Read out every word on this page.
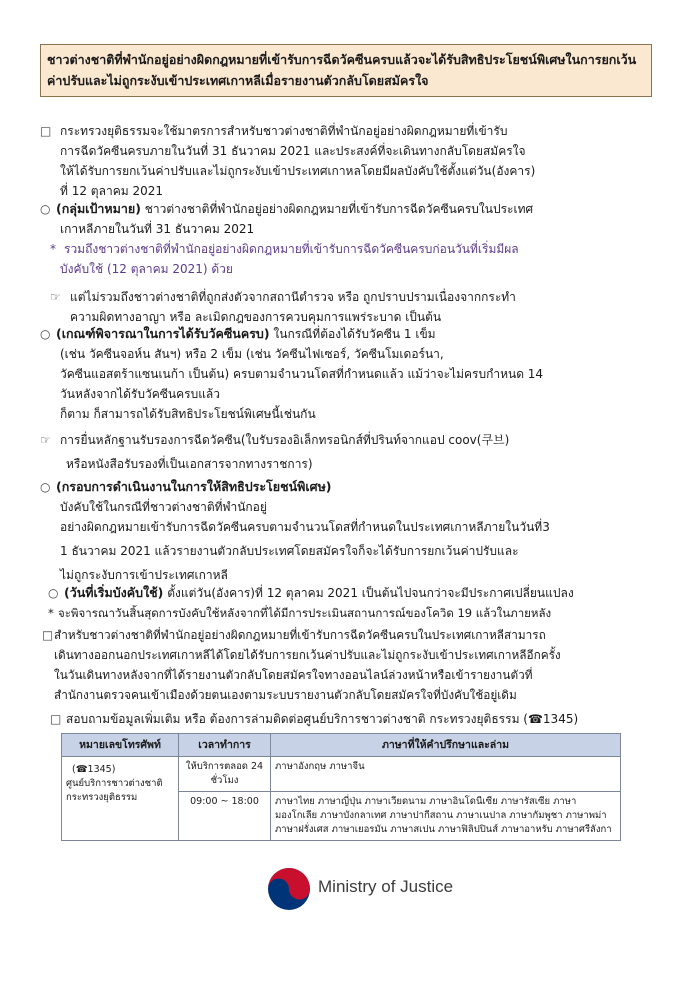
ชาวต่างชาติที่พำนักอยู่อย่างผิดกฎหมายที่เข้ารับการฉีดวัคซีนครบแล้วจะได้รับสิทธิประโยชน์พิเศษในการยกเว้นค่าปรับและไม่ถูกระงับเข้าประเทศเกาหลีเมื่อรายงานตัวกลับโดยสมัครใจ
□ กระทรวงยุติธรรมจะใช้มาตรการสำหรับชาวต่างชาติที่พำนักอยู่อย่างผิดกฎหมายที่เข้ารับ
การฉีดวัคซีนครบภายในวันที่ 31 ธันวาคม 2021 และประสงค์ที่จะเดินทางกลับโดยสมัครใจ
ให้ได้รับการยกเว้นค่าปรับและไม่ถูกระงับเข้าประเทศเกาหลโดยมีผลบังคับใช้ตั้งแต่วัน(อังคาร)
ที่ 12 ตุลาคม 2021
○ (กลุ่มเป้าหมาย) ชาวต่างชาติที่พำนักอยู่อย่างผิดกฎหมายที่เข้ารับการฉีดวัคซีนครบในประเทศ
เกาหลีภายในวันที่ 31 ธันวาคม 2021
* รวมถึงชาวต่างชาติที่พำนักอยู่อย่างผิดกฎหมายที่เข้ารับการฉีดวัคซีนครบก่อนวันที่เริ่มมีผล
บังคับใช้ (12 ตุลาคม 2021) ด้วย
☞ แต่ไม่รวมถึงชาวต่างชาติที่ถูกส่งตัวจากสถานีตำรวจ หรือ ถูกปราบปรามเนื่องจากกระทำ
ความผิดทางอาญา หรือ ละเมิดกฎของการควบคุมการแพร่ระบาด เป็นต้น
○ (เกณฑ์พิจารณาในการได้รับวัคซีนครบ) ในกรณีที่ต้องได้รับวัคซีน 1 เข็ม
(เช่น วัคซีนจอห์น สันฯ) หรือ 2 เข็ม (เช่น วัคซีนไฟเซอร์, วัคซีนโมเดอร์นา,
วัคซีนแอสตร้าแซนเนก้า เป็นต้น) ครบตามจำนวนโดสที่กำหนดแล้ว แม้ว่าจะไม่ครบกำหนด 14
วันหลังจากได้รับวัคซีนครบแล้ว
ก็ตาม ก็สามารถได้รับสิทธิประโยชน์พิเศษนี้เช่นกัน
☞ การยื่นหลักฐานรับรองการฉีดวัคซีน(ใบรับรองอิเล็กทรอนิกส์ที่ปรินท์จากแอป coov(쿠브)
หรือหนังสือรับรองที่เป็นเอกสารจากทางราชการ)
○ (กรอบการดำเนินงานในการให้สิทธิประโยชน์พิเศษ)
บังคับใช้ในกรณีที่ชาวต่างชาติที่พำนักอยู่
อย่างผิดกฎหมายเข้ารับการฉีดวัคซีนครบตามจำนวนโดสที่กำหนดในประเทศเกาหลีภายในวันที่3
1 ธันวาคม 2021 แล้วรายงานตัวกลับประเทศโดยสมัครใจก็จะได้รับการยกเว้นค่าปรับและ
ไม่ถูกระงับการเข้าประเทศเกาหลี
○ (วันที่เริ่มบังคับใช้) ตั้งแต่วัน(อังคาร)ที่ 12 ตุลาคม 2021 เป็นต้นไปจนกว่าจะมีประกาศเปลี่ยนแปลง
* จะพิจารณาวันสิ้นสุดการบังคับใช้หลังจากที่ได้มีการประเมินสถานการณ์ของโควิด 19 แล้วในภายหลัง
□สำหรับชาวต่างชาติที่พำนักอยู่อย่างผิดกฎหมายที่เข้ารับการฉีดวัคซีนครบในประเทศเกาหลีสามารถ
เดินทางออกนอกประเทศเกาหลีได้โดยได้รับการยกเว้นค่าปรับและไม่ถูกระงับเข้าประเทศเกาหลีอีกครั้ง
ในวันเดินทางหลังจากที่ได้รายงานตัวกลับโดยสมัครใจทางออนไลน์ล่วงหน้าหรือเข้ารายงานตัวที่
สำนักงานตรวจคนเข้าเมืองด้วยตนเองตามระบบรายงานตัวกลับโดยสมัครใจที่บังคับใช้อยู่เดิม
□ สอบถามข้อมูลเพิ่มเติม หรือ ต้องการล่ามติดต่อศูนย์บริการชาวต่างชาติ กระทรวงยุติธรรม (☎1345)
หมายเลขโทรศัพท์	เวลาทำการ	ภาษาที่ให้คำปรึกษาและล่าม

(☎1345)
ศูนย์บริการชาวต่างชาติ กระทรวงยุติธรรม	ให้บริการตลอด 24 ชั่วโมง	ภาษาอังกฤษ ภาษาจีน
	09:00 ~ 18:00	ภาษาไทย ภาษาญี่ปุ่น ภาษาเวียดนาม ภาษาอินโดนีเซีย ภาษารัสเซีย ภาษามองโกเลีย ภาษาบังกลาเทศ ภาษาปากีสถาน ภาษาเนปาล ภาษากัมพูชา ภาษาพม่า ภาษาฝรั่งเศส ภาษาเยอรมัน ภาษาสเปน ภาษาฟิลิปปินส์ ภาษาอาหรับ ภาษาศรีลังกา
Ministry of Justice
